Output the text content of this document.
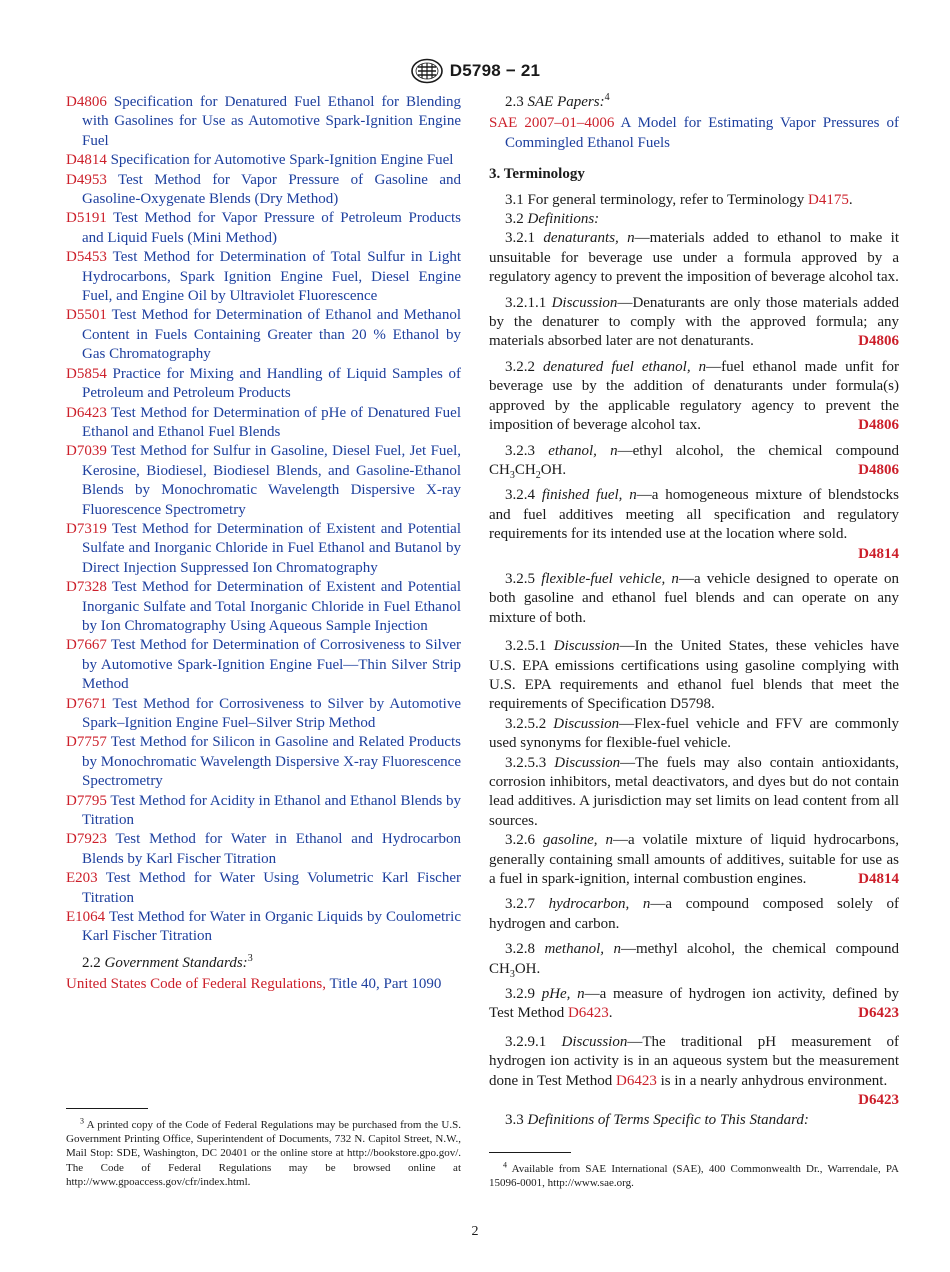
D5798 − 21

D4806 Specification for Denatured Fuel Ethanol for Blending with Gasolines for Use as Automotive Spark-Ignition Engine Fuel

D4814 Specification for Automotive Spark-Ignition Engine Fuel

D4953 Test Method for Vapor Pressure of Gasoline and Gasoline-Oxygenate Blends (Dry Method)

D5191 Test Method for Vapor Pressure of Petroleum Products and Liquid Fuels (Mini Method)

D5453 Test Method for Determination of Total Sulfur in Light Hydrocarbons, Spark Ignition Engine Fuel, Diesel Engine Fuel, and Engine Oil by Ultraviolet Fluorescence

D5501 Test Method for Determination of Ethanol and Methanol Content in Fuels Containing Greater than 20 % Ethanol by Gas Chromatography

D5854 Practice for Mixing and Handling of Liquid Samples of Petroleum and Petroleum Products

D6423 Test Method for Determination of pHe of Denatured Fuel Ethanol and Ethanol Fuel Blends

D7039 Test Method for Sulfur in Gasoline, Diesel Fuel, Jet Fuel, Kerosine, Biodiesel, Biodiesel Blends, and Gasoline-Ethanol Blends by Monochromatic Wavelength Dispersive X-ray Fluorescence Spectrometry

D7319 Test Method for Determination of Existent and Potential Sulfate and Inorganic Chloride in Fuel Ethanol and Butanol by Direct Injection Suppressed Ion Chromatography

D7328 Test Method for Determination of Existent and Potential Inorganic Sulfate and Total Inorganic Chloride in Fuel Ethanol by Ion Chromatography Using Aqueous Sample Injection

D7667 Test Method for Determination of Corrosiveness to Silver by Automotive Spark-Ignition Engine Fuel—Thin Silver Strip Method

D7671 Test Method for Corrosiveness to Silver by Automotive Spark–Ignition Engine Fuel–Silver Strip Method

D7757 Test Method for Silicon in Gasoline and Related Products by Monochromatic Wavelength Dispersive X-ray Fluorescence Spectrometry

D7795 Test Method for Acidity in Ethanol and Ethanol Blends by Titration

D7923 Test Method for Water in Ethanol and Hydrocarbon Blends by Karl Fischer Titration

E203 Test Method for Water Using Volumetric Karl Fischer Titration

E1064 Test Method for Water in Organic Liquids by Coulometric Karl Fischer Titration

2.2 Government Standards:$^3$

United States Code of Federal Regulations, Title 40, Part 1090

2.3 SAE Papers:$^4$

SAE 2007–01–4006 A Model for Estimating Vapor Pressures of Commingled Ethanol Fuels

3. Terminology

3.1 For general terminology, refer to Terminology D4175.

3.2 Definitions:

3.2.1 denaturants, n—materials added to ethanol to make it unsuitable for beverage use under a formula approved by a regulatory agency to prevent the imposition of beverage alcohol tax.

3.2.1.1 Discussion—Denaturants are only those materials added by the denaturer to comply with the approved formula; any materials absorbed later are not denaturants.	D4806

3.2.2 denatured fuel ethanol, n—fuel ethanol made unfit for beverage use by the addition of denaturants under formula(s) approved by the applicable regulatory agency to prevent the imposition of beverage alcohol tax.	D4806

3.2.3 ethanol, n—ethyl alcohol, the chemical compound $CH_3CH_2OH$.	D4806

3.2.4 finished fuel, n—a homogeneous mixture of blendstocks and fuel additives meeting all specification and regulatory requirements for its intended use at the location where sold.
D4814

3.2.5 flexible-fuel vehicle, n—a vehicle designed to operate on both gasoline and ethanol fuel blends and can operate on any mixture of both.

3.2.5.1 Discussion—In the United States, these vehicles have U.S. EPA emissions certifications using gasoline complying with U.S. EPA requirements and ethanol fuel blends that meet the requirements of Specification D5798.

3.2.5.2 Discussion—Flex-fuel vehicle and FFV are commonly used synonyms for flexible-fuel vehicle.

3.2.5.3 Discussion—The fuels may also contain antioxidants, corrosion inhibitors, metal deactivators, and dyes but do not contain lead additives. A jurisdiction may set limits on lead content from all sources.

3.2.6 gasoline, n—a volatile mixture of liquid hydrocarbons, generally containing small amounts of additives, suitable for use as a fuel in spark-ignition, internal combustion engines.	D4814

3.2.7 hydrocarbon, n—a compound composed solely of hydrogen and carbon.

3.2.8 methanol, n—methyl alcohol, the chemical compound $CH_3OH$.

3.2.9 pHe, n—a measure of hydrogen ion activity, defined by Test Method D6423.	D6423

3.2.9.1 Discussion—The traditional pH measurement of hydrogen ion activity is in an aqueous system but the measurement done in Test Method D6423 is in a nearly anhydrous environment.
D6423

3.3 Definitions of Terms Specific to This Standard:

$^3$ A printed copy of the Code of Federal Regulations may be purchased from the U.S. Government Printing Office, Superintendent of Documents, 732 N. Capitol Street, N.W., Mail Stop: SDE, Washington, DC 20401 or the online store at http://bookstore.gpo.gov/. The Code of Federal Regulations may be browsed online at http://www.gpoaccess.gov/cfr/index.html.
$^4$ Available from SAE International (SAE), 400 Commonwealth Dr., Warrendale, PA 15096-0001, http://www.sae.org.
2
